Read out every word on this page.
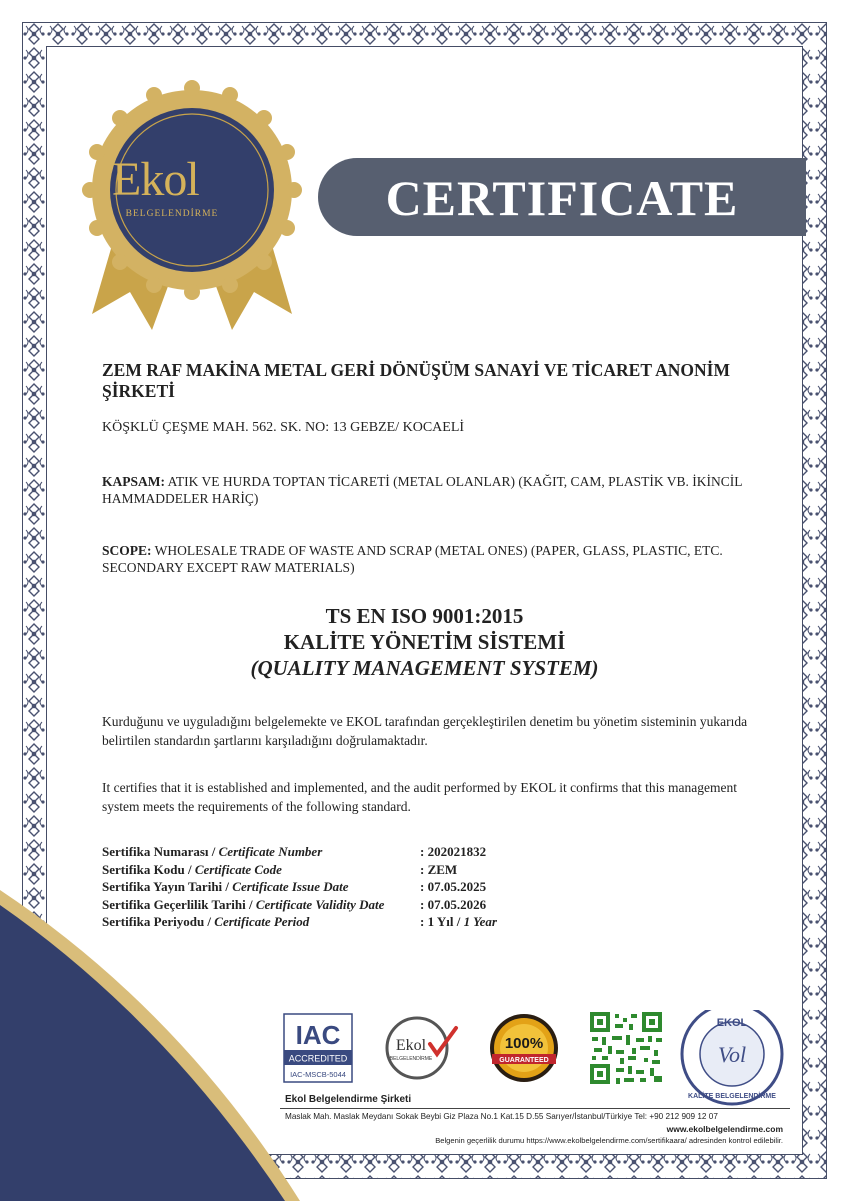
Ekol
BELGELENDİRME	CERTIFICATE
ZEM RAF MAKİNA METAL GERİ DÖNÜŞÜM SANAYİ VE TİCARET ANONİM ŞİRKETİ
KÖŞKLÜ ÇEŞME MAH. 562. SK. NO: 13 GEBZE/ KOCAELİ
KAPSAM: ATIK VE HURDA TOPTAN TİCARETİ (METAL OLANLAR) (KAĞIT, CAM, PLASTİK VB. İKİNCİL HAMMADDELER HARİÇ)
SCOPE: WHOLESALE TRADE OF WASTE AND SCRAP (METAL ONES) (PAPER, GLASS, PLASTIC, ETC. SECONDARY EXCEPT RAW MATERIALS)
TS EN ISO 9001:2015
KALİTE YÖNETİM SİSTEMİ
(QUALITY MANAGEMENT SYSTEM)
Kurduğunu ve uyguladığını belgelemekte ve EKOL tarafından gerçekleştirilen denetim bu yönetim sisteminin yukarıda belirtilen standardın şartlarını karşıladığını doğrulamaktadır.
It certifies that it is established and implemented, and the audit performed by EKOL it confirms that this management system meets the requirements of the following standard.
Sertifika Numarası / Certificate Number	: 202021832
Sertifika Kodu / Certificate Code	: ZEM
Sertifika Yayın Tarihi / Certificate Issue Date	: 07.05.2025
Sertifika Geçerlilik Tarihi / Certificate Validity Date	: 07.05.2026
Sertifika Periyodu / Certificate Period	: 1 Yıl / 1 Year
IAC
ACCREDITED
IAC-MSCB-5044
Ekol
BELGELENDİRME
100%
GUARANTEED
EKOL
KALİTE BELGELENDİRME
Vol
Ekol Belgelendirme Şirketi
Maslak Mah. Maslak Meydanı Sokak Beybi Giz Plaza No.1 Kat.15 D.55 Sarıyer/İstanbul/Türkiye Tel: +90 212 909 12 07
www.ekolbelgelendirme.com
Belgenin geçerlilik durumu https://www.ekolbelgelendirme.com/sertifikaara/ adresinden kontrol edilebilir.
